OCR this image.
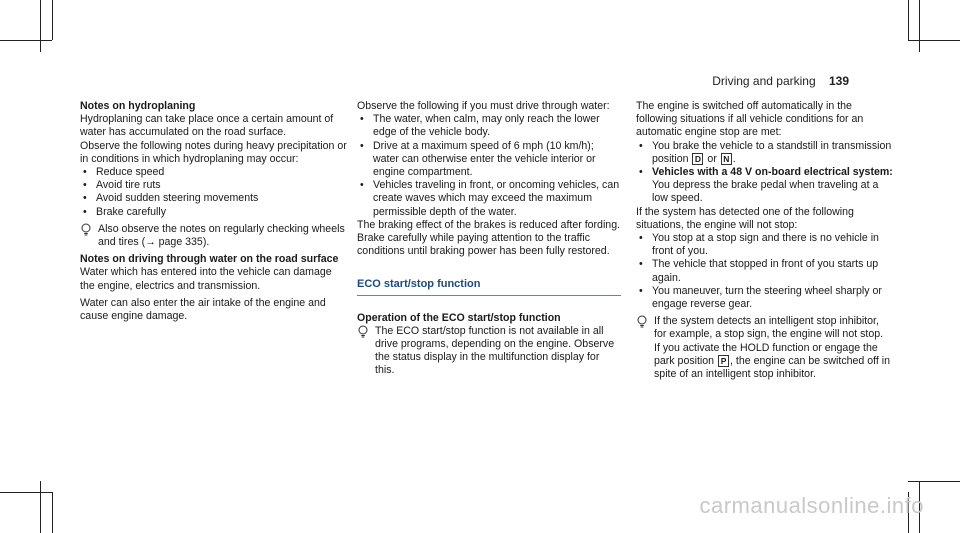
Driving and parking 139

Notes on hydroplaning

Hydroplaning can take place once a certain amount of water has accumulated on the road surface.

Observe the following notes during heavy precipitation or in conditions in which hydroplaning may occur:

• Reduce speed
• Avoid tire ruts
• Avoid sudden steering movements
• Brake carefully
Also observe the notes on regularly checking wheels and tires (→ page 335).

Notes on driving through water on the road surface

Water which has entered into the vehicle can damage the engine, electrics and transmission.

Water can also enter the air intake of the engine and cause engine damage.

Observe the following if you must drive through water:

• The water, when calm, may only reach the lower edge of the vehicle body.
• Drive at a maximum speed of 6 mph (10 km/h); water can otherwise enter the vehicle interior or engine compartment.
• Vehicles traveling in front, or oncoming vehicles, can create waves which may exceed the maximum permissible depth of the water.

The braking effect of the brakes is reduced after fording. Brake carefully while paying attention to the traffic conditions until braking power has been fully restored.

ECO start/stop function

Operation of the ECO start/stop function

The ECO start/stop function is not available in all drive programs, depending on the engine. Observe the status display in the multifunction display for this.

The engine is switched off automatically in the following situations if all vehicle conditions for an automatic engine stop are met:

• You brake the vehicle to a standstill in transmission position D or N .
• Vehicles with a 48 V on-board electrical system: You depress the brake pedal when traveling at a low speed.

If the system has detected one of the following situations, the engine will not stop:

• You stop at a stop sign and there is no vehicle in front of you.
• The vehicle that stopped in front of you starts up again.
• You maneuver, turn the steering wheel sharply or engage reverse gear.

If the system detects an intelligent stop inhibitor, for example, a stop sign, the engine will not stop.

If you activate the HOLD function or engage the park position P , the engine can be switched off in spite of an intelligent stop inhibitor.

carmanualsonline.info
